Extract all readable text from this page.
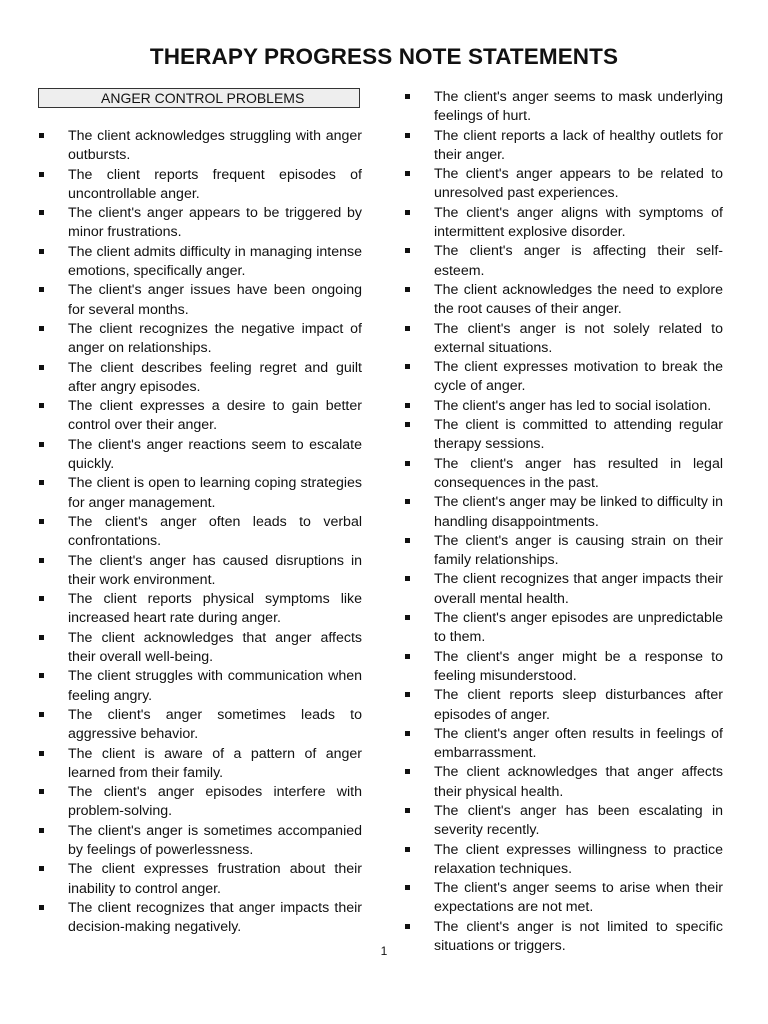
THERAPY PROGRESS NOTE STATEMENTS
ANGER CONTROL PROBLEMS
The client acknowledges struggling with anger outbursts.
The client reports frequent episodes of uncontrollable anger.
The client's anger appears to be triggered by minor frustrations.
The client admits difficulty in managing intense emotions, specifically anger.
The client's anger issues have been ongoing for several months.
The client recognizes the negative impact of anger on relationships.
The client describes feeling regret and guilt after angry episodes.
The client expresses a desire to gain better control over their anger.
The client's anger reactions seem to escalate quickly.
The client is open to learning coping strategies for anger management.
The client's anger often leads to verbal confrontations.
The client's anger has caused disruptions in their work environment.
The client reports physical symptoms like increased heart rate during anger.
The client acknowledges that anger affects their overall well-being.
The client struggles with communication when feeling angry.
The client's anger sometimes leads to aggressive behavior.
The client is aware of a pattern of anger learned from their family.
The client's anger episodes interfere with problem-solving.
The client's anger is sometimes accompanied by feelings of powerlessness.
The client expresses frustration about their inability to control anger.
The client recognizes that anger impacts their decision-making negatively.
The client's anger seems to mask underlying feelings of hurt.
The client reports a lack of healthy outlets for their anger.
The client's anger appears to be related to unresolved past experiences.
The client's anger aligns with symptoms of intermittent explosive disorder.
The client's anger is affecting their self-esteem.
The client acknowledges the need to explore the root causes of their anger.
The client's anger is not solely related to external situations.
The client expresses motivation to break the cycle of anger.
The client's anger has led to social isolation.
The client is committed to attending regular therapy sessions.
The client's anger has resulted in legal consequences in the past.
The client's anger may be linked to difficulty in handling disappointments.
The client's anger is causing strain on their family relationships.
The client recognizes that anger impacts their overall mental health.
The client's anger episodes are unpredictable to them.
The client's anger might be a response to feeling misunderstood.
The client reports sleep disturbances after episodes of anger.
The client's anger often results in feelings of embarrassment.
The client acknowledges that anger affects their physical health.
The client's anger has been escalating in severity recently.
The client expresses willingness to practice relaxation techniques.
The client's anger seems to arise when their expectations are not met.
The client's anger is not limited to specific situations or triggers.
1
